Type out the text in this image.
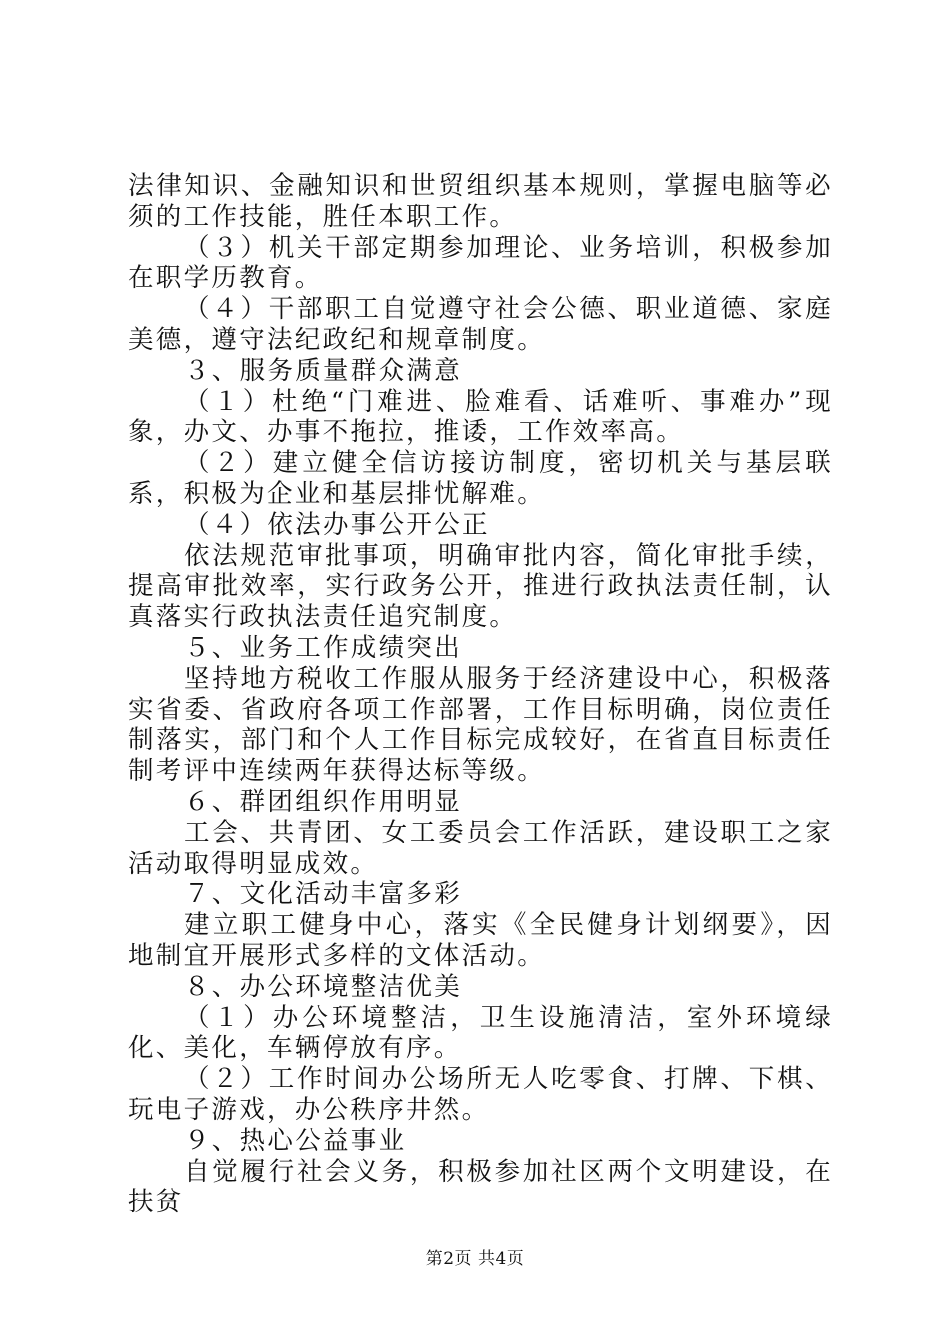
法律知识、金融知识和世贸组织基本规则，掌握电脑等必须的工作技能，胜任本职工作。

（３）机关干部定期参加理论、业务培训，积极参加在职学历教育。

（４）干部职工自觉遵守社会公德、职业道德、家庭美德，遵守法纪政纪和规章制度。

３、服务质量群众满意

（１）杜绝“门难进、脸难看、话难听、事难办”现象，办文、办事不拖拉，推诿，工作效率高。

（２）建立健全信访接访制度，密切机关与基层联系，积极为企业和基层排忧解难。

（４）依法办事公开公正

依法规范审批事项，明确审批内容，简化审批手续，提高审批效率，实行政务公开，推进行政执法责任制，认真落实行政执法责任追究制度。

５、业务工作成绩突出

坚持地方税收工作服从服务于经济建设中心，积极落实省委、省政府各项工作部署，工作目标明确，岗位责任制落实，部门和个人工作目标完成较好，在省直目标责任制考评中连续两年获得达标等级。

６、群团组织作用明显

工会、共青团、女工委员会工作活跃，建设职工之家活动取得明显成效。

７、文化活动丰富多彩

建立职工健身中心，落实《全民健身计划纲要》，因地制宜开展形式多样的文体活动。

８、办公环境整洁优美

（１）办公环境整洁，卫生设施清洁，室外环境绿化、美化，车辆停放有序。

（２）工作时间办公场所无人吃零食、打牌、下棋、玩电子游戏，办公秩序井然。

９、热心公益事业

自觉履行社会义务，积极参加社区两个文明建设，在扶贫

第2页 共4页
